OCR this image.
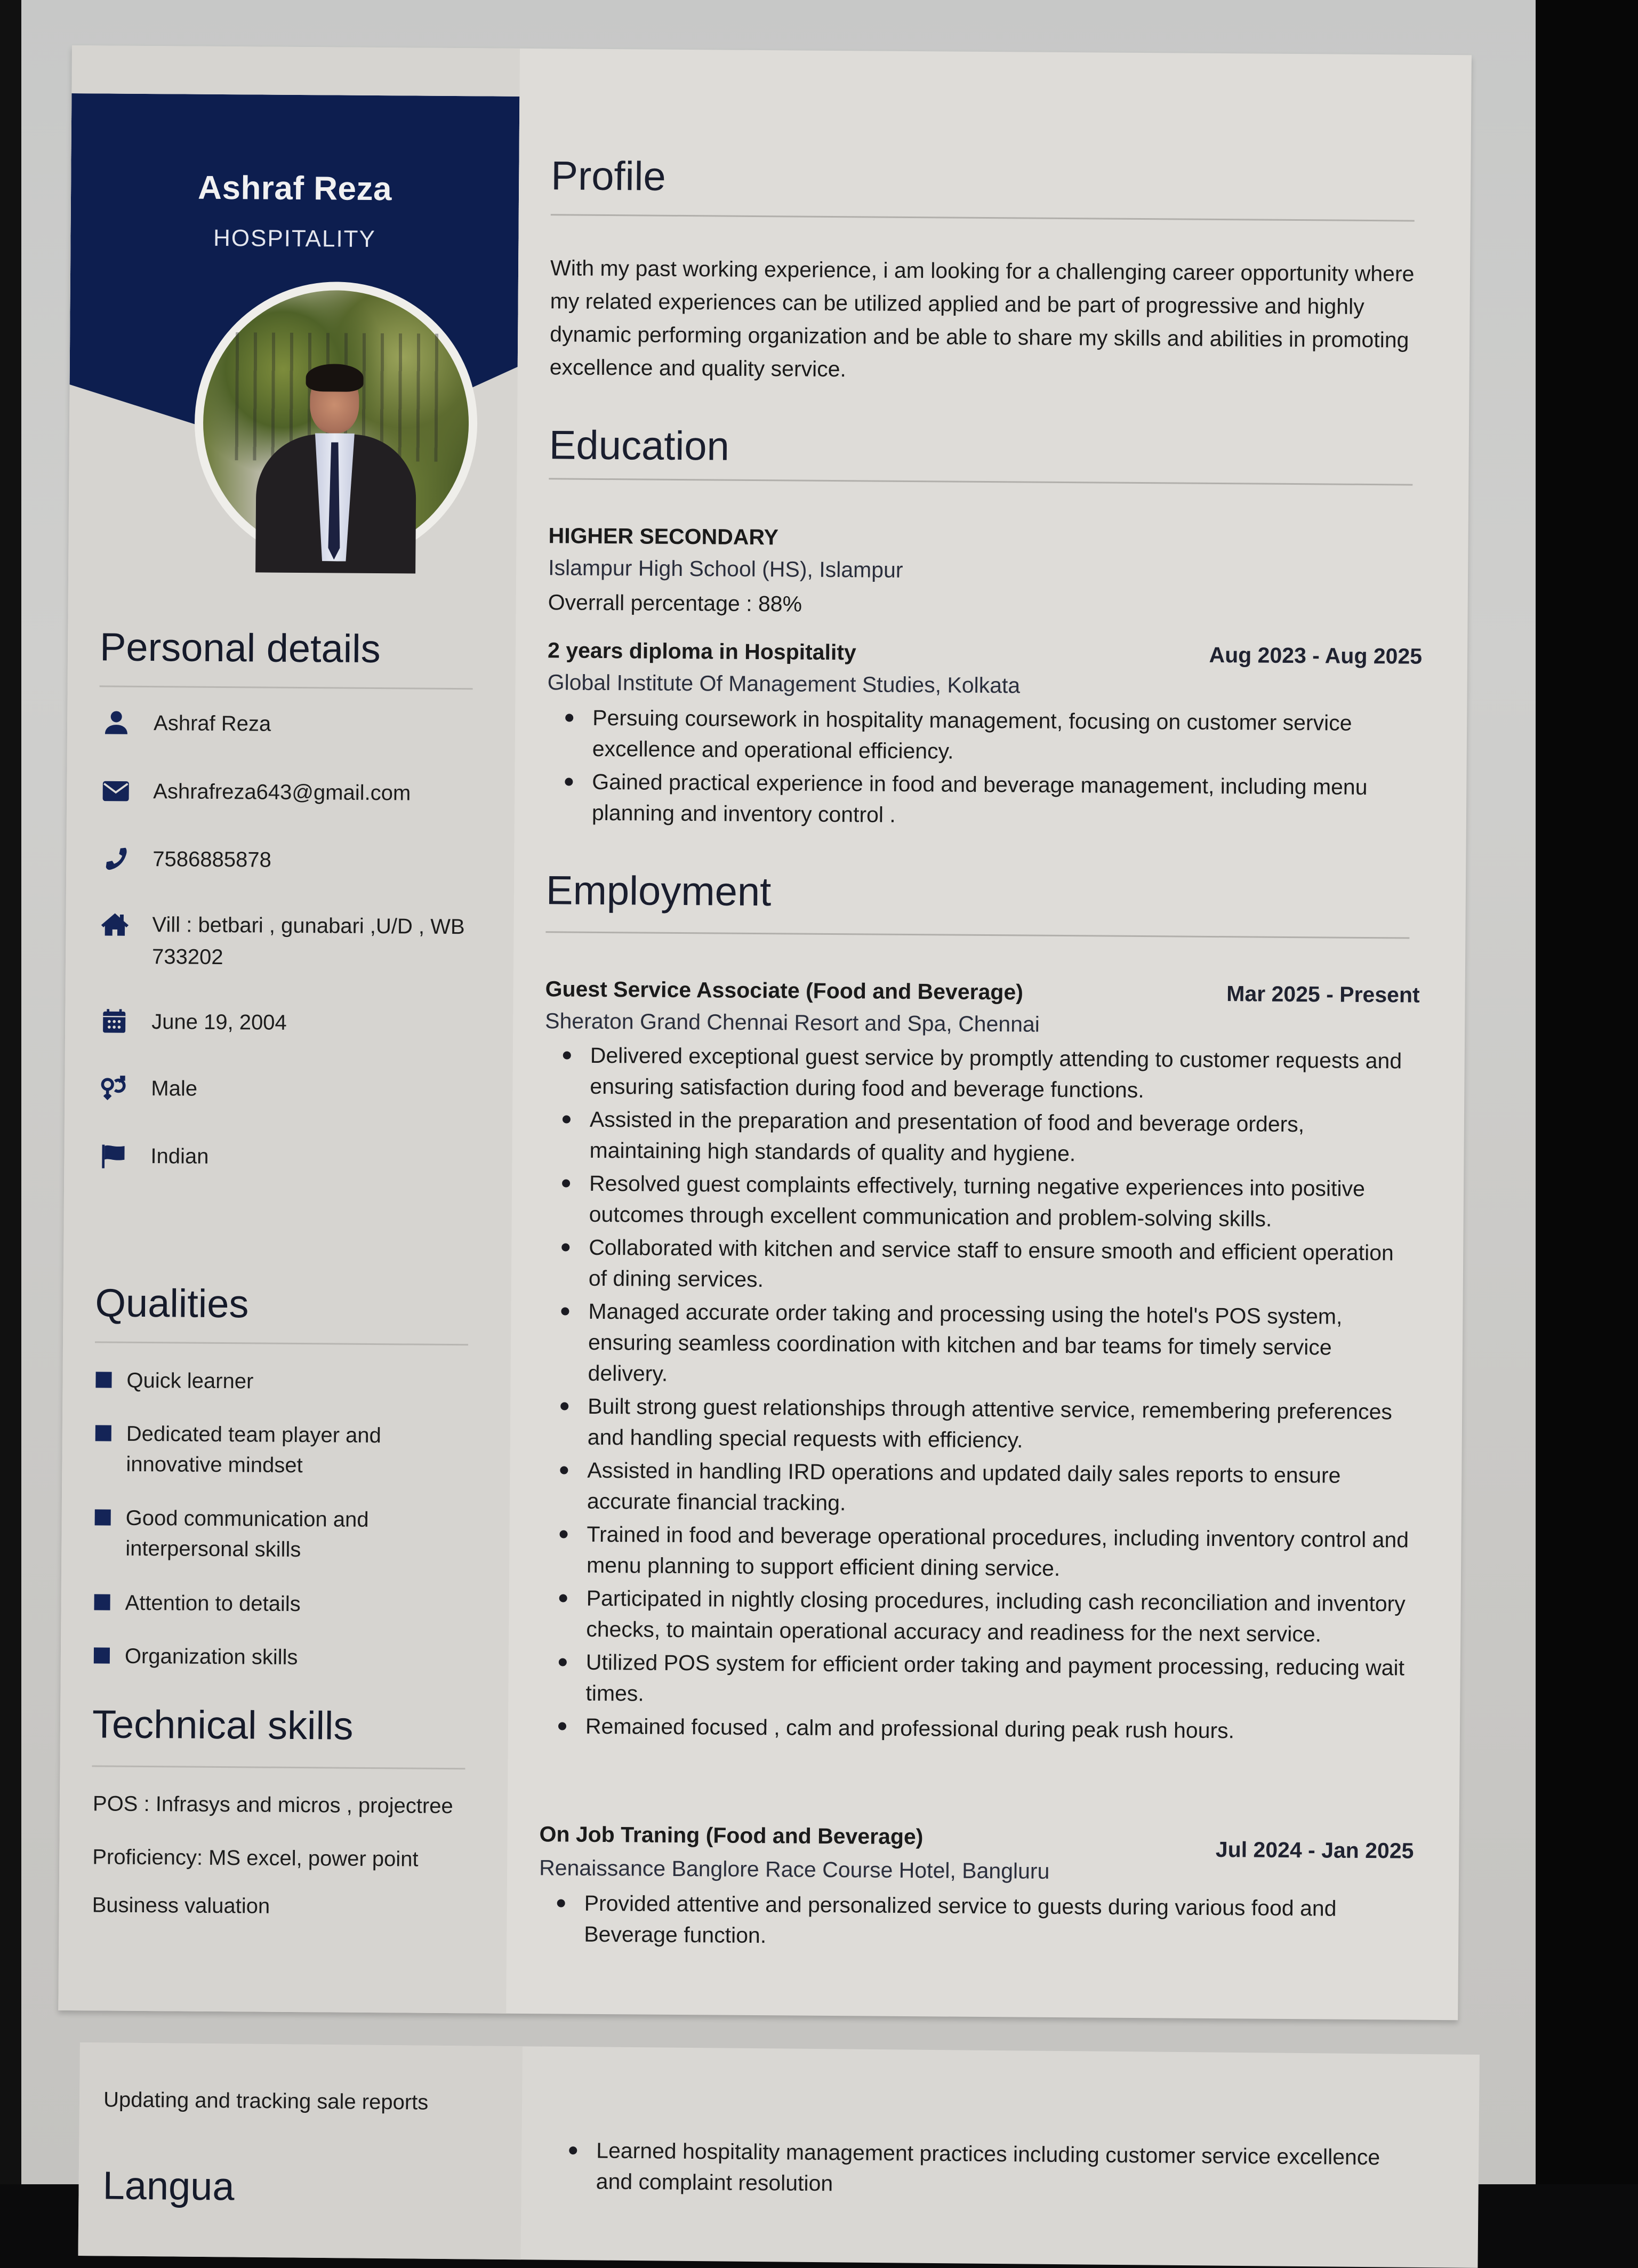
Ashraf Reza
HOSPITALITY
Personal details
Ashraf Reza
Ashrafreza643@gmail.com
7586885878
Vill : betbari , gunabari ,U/D , WB 733202
June 19, 2004
Male
Indian
Qualities
Quick learner
Dedicated team player and innovative mindset
Good communication and interpersonal skills
Attention to details
Organization skills
Technical skills
POS : Infrasys and micros , projectree
Proficiency: MS excel, power point
Business valuation
Profile
With my past working experience, i am looking for a challenging career opportunity where my related experiences can be utilized applied and be part of progressive and highly dynamic performing organization and be able to share my skills and abilities in promoting excellence and quality service.
Education
HIGHER SECONDARY
Islampur High School (HS), Islampur
Overrall percentage : 88%
2 years diploma in Hospitality	Aug 2023 - Aug 2025
Global Institute Of Management Studies, Kolkata
Persuing coursework in hospitality management, focusing on customer service excellence and operational efficiency.
Gained practical experience in food and beverage management, including menu planning and inventory control .
Employment
Guest Service Associate (Food and Beverage)	Mar 2025 - Present
Sheraton Grand Chennai Resort and Spa, Chennai
Delivered exceptional guest service by promptly attending to customer requests and ensuring satisfaction during food and beverage functions.
Assisted in the preparation and presentation of food and beverage orders, maintaining high standards of quality and hygiene.
Resolved guest complaints effectively, turning negative experiences into positive outcomes through excellent communication and problem-solving skills.
Collaborated with kitchen and service staff to ensure smooth and efficient operation of dining services.
Managed accurate order taking and processing using the hotel's POS system, ensuring seamless coordination with kitchen and bar teams for timely service delivery.
Built strong guest relationships through attentive service, remembering preferences and handling special requests with efficiency.
Assisted in handling IRD operations and updated daily sales reports to ensure accurate financial tracking.
Trained in food and beverage operational procedures, including inventory control and menu planning to support efficient dining service.
Participated in nightly closing procedures, including cash reconciliation and inventory checks, to maintain operational accuracy and readiness for the next service.
Utilized POS system for efficient order taking and payment processing, reducing wait times.
Remained focused , calm and professional during peak rush hours.
On Job Traning (Food and Beverage)
Jul 2024 - Jan 2025
Renaissance Banglore Race Course Hotel, Bangluru
Provided attentive and personalized service to guests during various food and Beverage function.
Updating and tracking sale reports
Langua
Learned hospitality management practices including customer service excellence and complaint resolution
